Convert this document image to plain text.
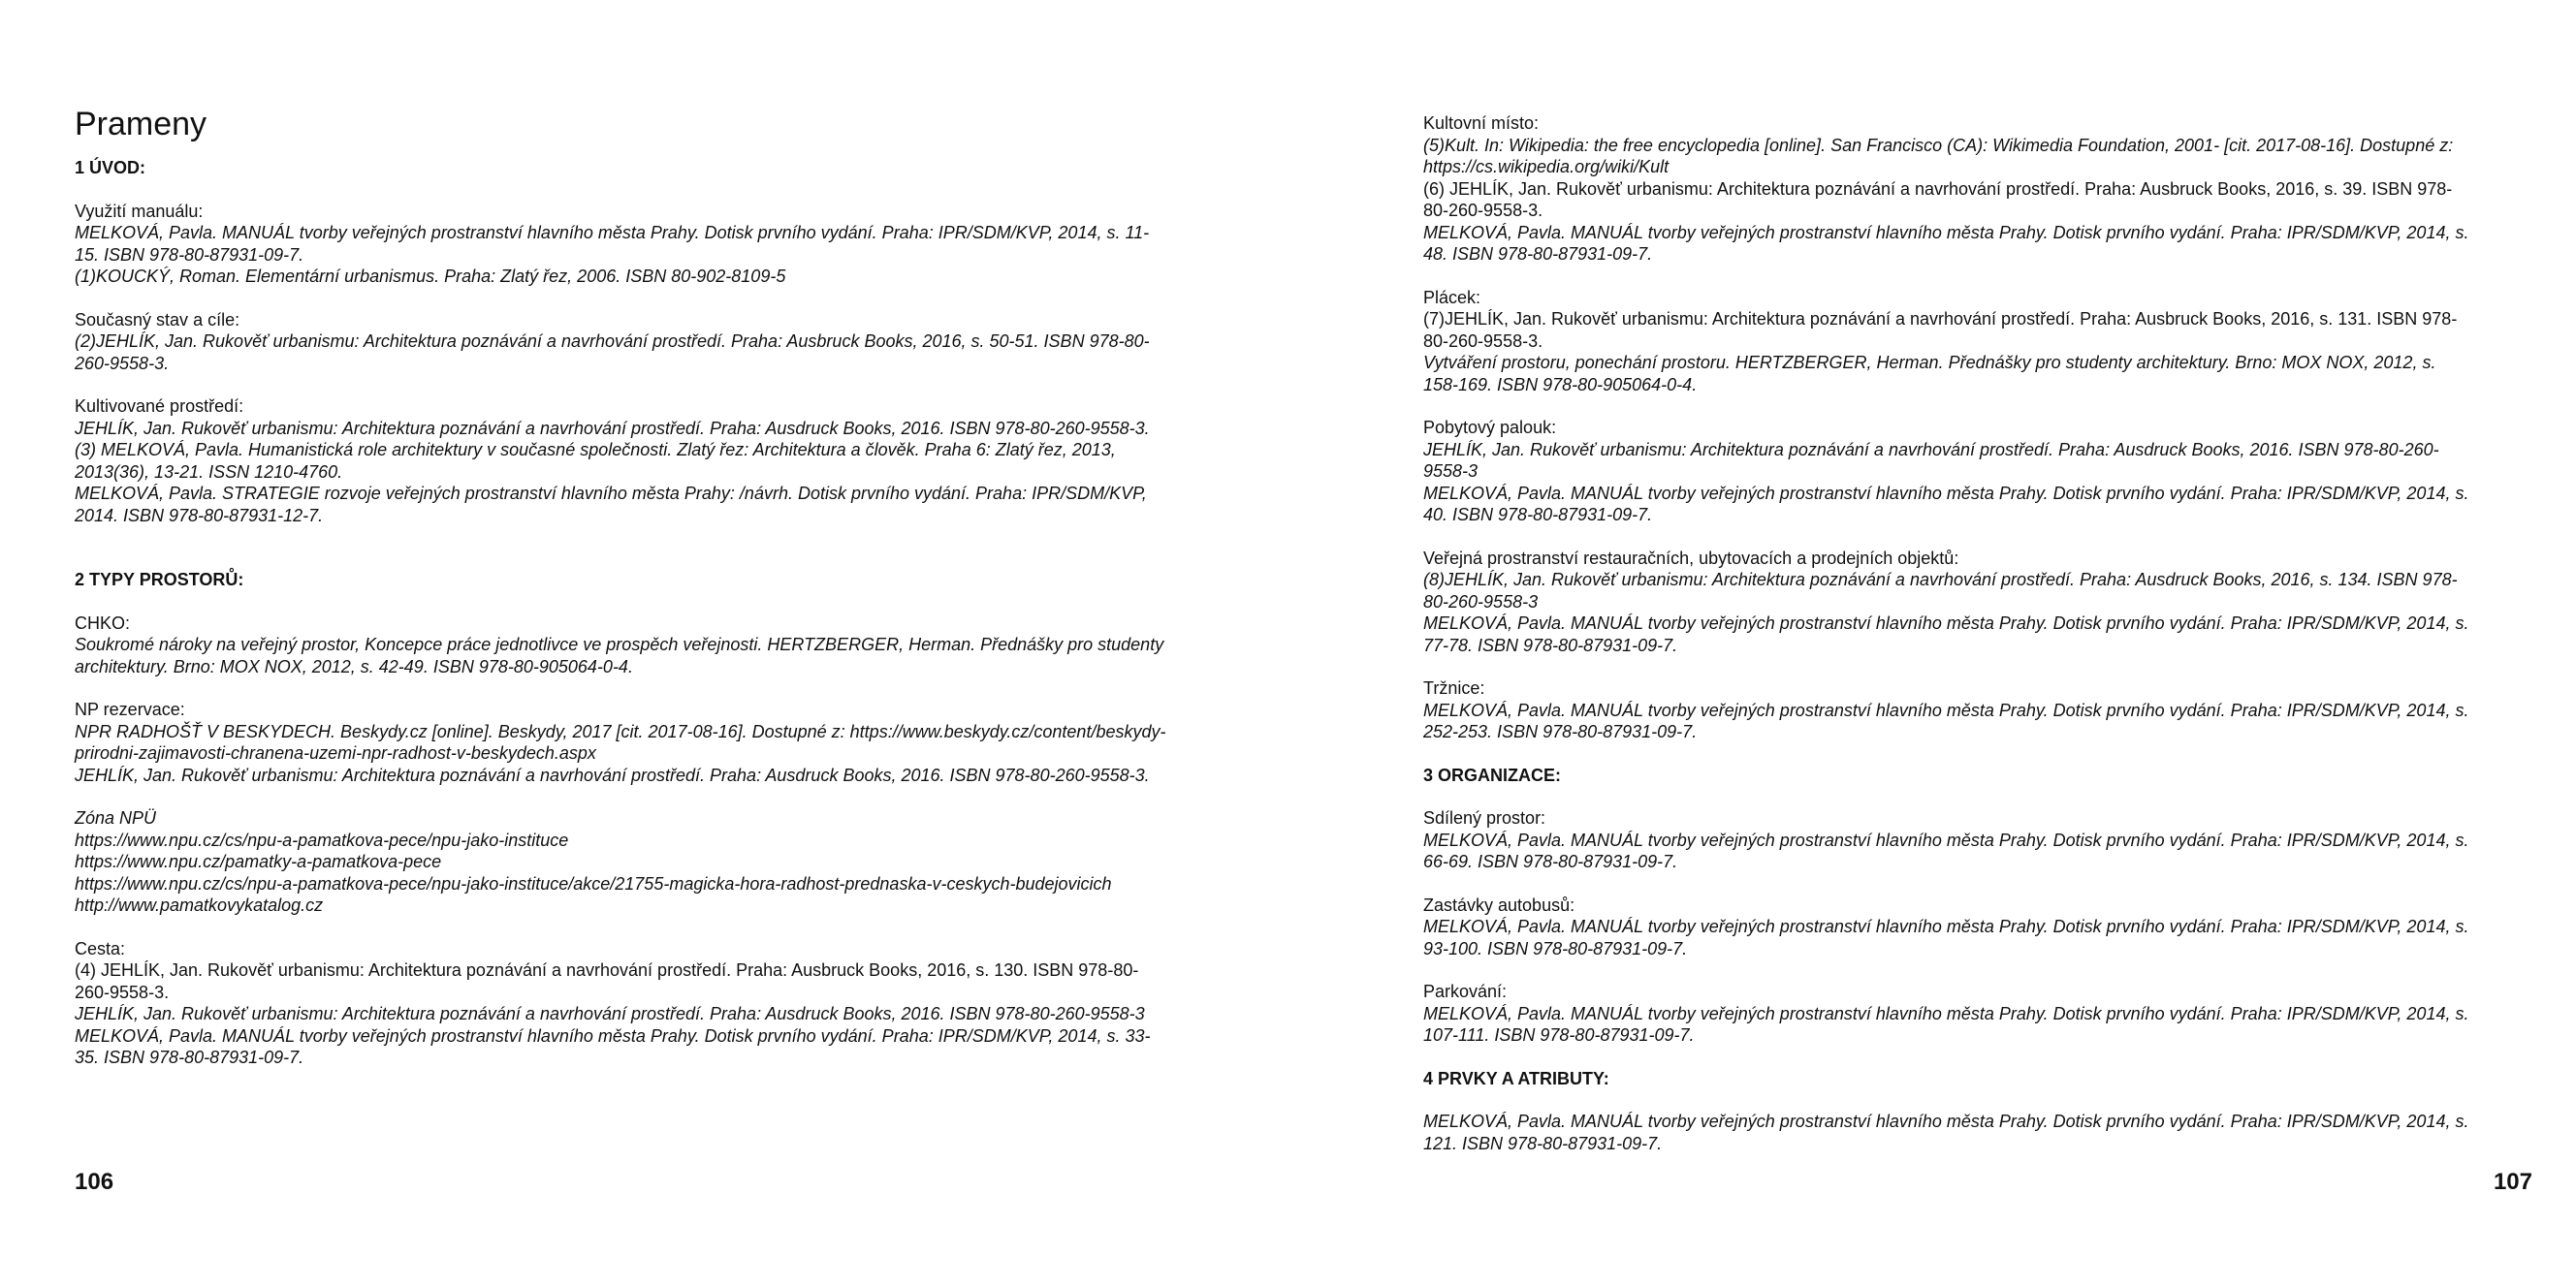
Prameny

1 ÚVOD:

Využití manuálu:

MELKOVÁ, Pavla. MANUÁL tvorby veřejných prostranství hlavního města Prahy. Dotisk prvního vydání. Praha: IPR/SDM/KVP, 2014, s. 11-15. ISBN 978-80-87931-09-7.

(1)KOUCKÝ, Roman. Elementární urbanismus. Praha: Zlatý řez, 2006. ISBN 80-902-8109-5

Současný stav a cíle:

(2)JEHLÍK, Jan. Rukověť urbanismu: Architektura poznávání a navrhování prostředí. Praha: Ausbruck Books, 2016, s. 50-51. ISBN 978-80-260-9558-3.

Kultivované prostředí:

JEHLÍK, Jan. Rukověť urbanismu: Architektura poznávání a navrhování prostředí. Praha: Ausdruck Books, 2016. ISBN 978-80-260-9558-3.

(3) MELKOVÁ, Pavla. Humanistická role architektury v současné společnosti. Zlatý řez: Architektura a člověk. Praha 6: Zlatý řez, 2013, 2013(36), 13-21. ISSN 1210-4760.

MELKOVÁ, Pavla. STRATEGIE rozvoje veřejných prostranství hlavního města Prahy: /návrh. Dotisk prvního vydání. Praha: IPR/SDM/KVP, 2014. ISBN 978-80-87931-12-7.

2 TYPY PROSTORŮ:

CHKO:

Soukromé nároky na veřejný prostor, Koncepce práce jednotlivce ve prospěch veřejnosti. HERTZBERGER, Herman. Přednášky pro studenty architektury. Brno: MOX NOX, 2012, s. 42-49. ISBN 978-80-905064-0-4.

NP rezervace:

NPR RADHOŠŤ V BESKYDECH. Beskydy.cz [online]. Beskydy, 2017 [cit. 2017-08-16]. Dostupné z: https://www.beskydy.cz/content/beskydy-prirodni-zajimavosti-chranena-uzemi-npr-radhost-v-beskydech.aspx

JEHLÍK, Jan. Rukověť urbanismu: Architektura poznávání a navrhování prostředí. Praha: Ausdruck Books, 2016. ISBN 978-80-260-9558-3.

Zóna NPÜ

https://www.npu.cz/cs/npu-a-pamatkova-pece/npu-jako-instituce

https://www.npu.cz/pamatky-a-pamatkova-pece

https://www.npu.cz/cs/npu-a-pamatkova-pece/npu-jako-instituce/akce/21755-magicka-hora-radhost-prednaska-v-ceskych-budejovicich

http://www.pamatkovykatalog.cz

Cesta:

(4) JEHLÍK, Jan. Rukověť urbanismu: Architektura poznávání a navrhování prostředí. Praha: Ausbruck Books, 2016, s. 130. ISBN 978-80-260-9558-3.

JEHLÍK, Jan. Rukověť urbanismu: Architektura poznávání a navrhování prostředí. Praha: Ausdruck Books, 2016. ISBN 978-80-260-9558-3

MELKOVÁ, Pavla. MANUÁL tvorby veřejných prostranství hlavního města Prahy. Dotisk prvního vydání. Praha: IPR/SDM/KVP, 2014, s. 33-35. ISBN 978-80-87931-09-7.

106

Kultovní místo:

(5)Kult. In: Wikipedia: the free encyclopedia [online]. San Francisco (CA): Wikimedia Foundation, 2001- [cit. 2017-08-16]. Dostupné z: https://cs.wikipedia.org/wiki/Kult

(6) JEHLÍK, Jan. Rukověť urbanismu: Architektura poznávání a navrhování prostředí. Praha: Ausbruck Books, 2016, s. 39. ISBN 978-80-260-9558-3.

MELKOVÁ, Pavla. MANUÁL tvorby veřejných prostranství hlavního města Prahy. Dotisk prvního vydání. Praha: IPR/SDM/KVP, 2014, s. 48. ISBN 978-80-87931-09-7.

Plácek:

(7)JEHLÍK, Jan. Rukověť urbanismu: Architektura poznávání a navrhování prostředí. Praha: Ausbruck Books, 2016, s. 131. ISBN 978-80-260-9558-3.

Vytváření prostoru, ponechání prostoru. HERTZBERGER, Herman. Přednášky pro studenty architektury. Brno: MOX NOX, 2012, s. 158-169. ISBN 978-80-905064-0-4.

Pobytový palouk:

JEHLÍK, Jan. Rukověť urbanismu: Architektura poznávání a navrhování prostředí. Praha: Ausdruck Books, 2016. ISBN 978-80-260-9558-3

MELKOVÁ, Pavla. MANUÁL tvorby veřejných prostranství hlavního města Prahy. Dotisk prvního vydání. Praha: IPR/SDM/KVP, 2014, s. 40. ISBN 978-80-87931-09-7.

Veřejná prostranství restauračních, ubytovacích a prodejních objektů:

(8)JEHLÍK, Jan. Rukověť urbanismu: Architektura poznávání a navrhování prostředí. Praha: Ausdruck Books, 2016, s. 134. ISBN 978-80-260-9558-3

MELKOVÁ, Pavla. MANUÁL tvorby veřejných prostranství hlavního města Prahy. Dotisk prvního vydání. Praha: IPR/SDM/KVP, 2014, s. 77-78. ISBN 978-80-87931-09-7.

Tržnice:

MELKOVÁ, Pavla. MANUÁL tvorby veřejných prostranství hlavního města Prahy. Dotisk prvního vydání. Praha: IPR/SDM/KVP, 2014, s. 252-253. ISBN 978-80-87931-09-7.

3 ORGANIZACE:

Sdílený prostor:

MELKOVÁ, Pavla. MANUÁL tvorby veřejných prostranství hlavního města Prahy. Dotisk prvního vydání. Praha: IPR/SDM/KVP, 2014, s. 66-69. ISBN 978-80-87931-09-7.

Zastávky autobusů:

MELKOVÁ, Pavla. MANUÁL tvorby veřejných prostranství hlavního města Prahy. Dotisk prvního vydání. Praha: IPR/SDM/KVP, 2014, s. 93-100. ISBN 978-80-87931-09-7.

Parkování:

MELKOVÁ, Pavla. MANUÁL tvorby veřejných prostranství hlavního města Prahy. Dotisk prvního vydání. Praha: IPR/SDM/KVP, 2014, s. 107-111. ISBN 978-80-87931-09-7.

4 PRVKY A ATRIBUTY:

MELKOVÁ, Pavla. MANUÁL tvorby veřejných prostranství hlavního města Prahy. Dotisk prvního vydání. Praha: IPR/SDM/KVP, 2014, s. 121. ISBN 978-80-87931-09-7.

107
